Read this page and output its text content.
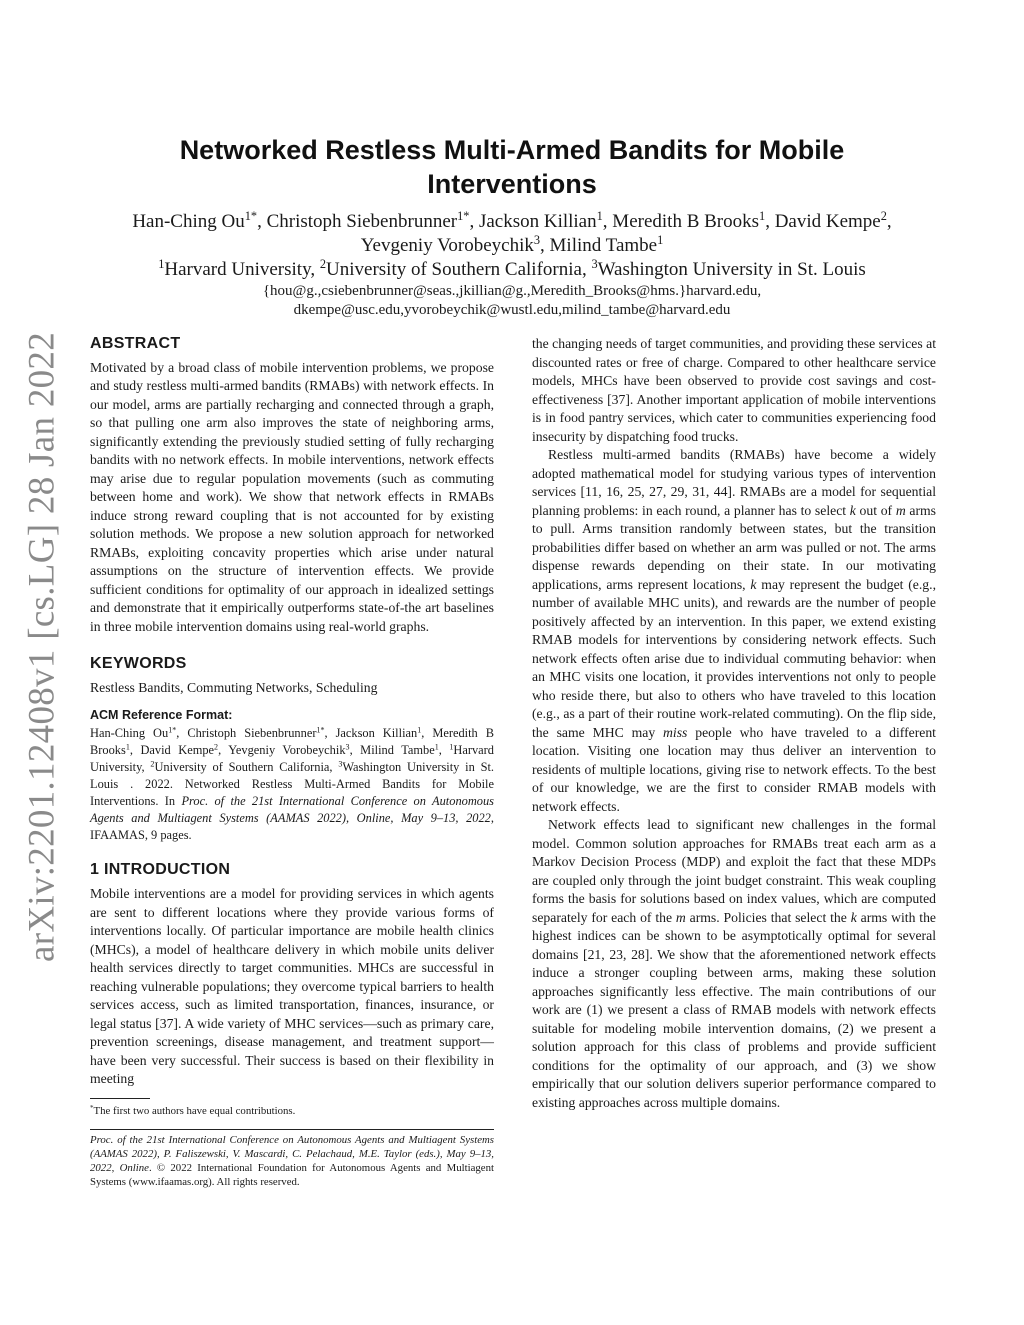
arXiv:2201.12408v1 [cs.LG] 28 Jan 2022
Networked Restless Multi-Armed Bandits for Mobile
Interventions
Han-Ching $Ou^{1*}$, Christoph Siebenbrunner$^{1*}$, Jackson Killian$^1$, Meredith B Brooks$^1$, David Kempe$^2$,
Yevgeniy Vorobeychik$^3$, Milind Tambe$^1$
$^1$Harvard University, $^2$University of Southern California, $^3$Washington University in St. Louis
{hou@g.,csiebenbrunner@seas.,jkillian@g.,Meredith_Brooks@hms.}harvard.edu,
dkempe@usc.edu,yvorobeychik@wustl.edu,milind_tambe@harvard.edu
ABSTRACT

Motivated by a broad class of mobile intervention problems, we propose and study restless multi-armed bandits (RMABs) with network effects. In our model, arms are partially recharging and connected through a graph, so that pulling one arm also improves the state of neighboring arms, significantly extending the previously studied setting of fully recharging bandits with no network effects. In mobile interventions, network effects may arise due to regular population movements (such as commuting between home and work). We show that network effects in RMABs induce strong reward coupling that is not accounted for by existing solution methods. We propose a new solution approach for networked RMABs, exploiting concavity properties which arise under natural assumptions on the structure of intervention effects. We provide sufficient conditions for optimality of our approach in idealized settings and demonstrate that it empirically outperforms state-of-the art baselines in three mobile intervention domains using real-world graphs.

KEYWORDS

Restless Bandits, Commuting Networks, Scheduling

ACM Reference Format:

Han-Ching $Ou^{1*}$, Christoph Siebenbrunner$^{1*}$, Jackson Killian$^1$, Meredith B Brooks$^1$, David Kempe$^2$, Yevgeniy Vorobeychik$^3$, Milind Tambe$^1$, $^1$Harvard University, $^2$University of Southern California, $^3$Washington University in St. Louis . 2022. Networked Restless Multi-Armed Bandits for Mobile Interventions. In Proc. of the 21st International Conference on Autonomous Agents and Multiagent Systems (AAMAS 2022), Online, May 9–13, 2022, IFAAMAS, 9 pages.

1 INTRODUCTION

Mobile interventions are a model for providing services in which agents are sent to different locations where they provide various forms of interventions locally. Of particular importance are mobile health clinics (MHCs), a model of healthcare delivery in which mobile units deliver health services directly to target communities. MHCs are successful in reaching vulnerable populations; they overcome typical barriers to health services access, such as limited transportation, finances, insurance, or legal status [37]. A wide variety of MHC services—such as primary care, prevention screenings, disease management, and treatment support—have been very successful. Their success is based on their flexibility in meeting

*The first two authors have equal contributions.
Proc. of the 21st International Conference on Autonomous Agents and Multiagent Systems (AAMAS 2022), P. Faliszewski, V. Mascardi, C. Pelachaud, M.E. Taylor (eds.), May 9–13, 2022, Online. © 2022 International Foundation for Autonomous Agents and Multiagent Systems (www.ifaamas.org). All rights reserved.

the changing needs of target communities, and providing these services at discounted rates or free of charge. Compared to other healthcare service models, MHCs have been observed to provide cost savings and cost-effectiveness [37]. Another important application of mobile interventions is in food pantry services, which cater to communities experiencing food insecurity by dispatching food trucks.

Restless multi-armed bandits (RMABs) have become a widely adopted mathematical model for studying various types of intervention services [11, 16, 25, 27, 29, 31, 44]. RMABs are a model for sequential planning problems: in each round, a planner has to select k out of m arms to pull. Arms transition randomly between states, but the transition probabilities differ based on whether an arm was pulled or not. The arms dispense rewards depending on their state. In our motivating applications, arms represent locations, k may represent the budget (e.g., number of available MHC units), and rewards are the number of people positively affected by an intervention. In this paper, we extend existing RMAB models for interventions by considering network effects. Such network effects often arise due to individual commuting behavior: when an MHC visits one location, it provides interventions not only to people who reside there, but also to others who have traveled to this location (e.g., as a part of their routine work-related commuting). On the flip side, the same MHC may miss people who have traveled to a different location. Visiting one location may thus deliver an intervention to residents of multiple locations, giving rise to network effects. To the best of our knowledge, we are the first to consider RMAB models with network effects.

Network effects lead to significant new challenges in the formal model. Common solution approaches for RMABs treat each arm as a Markov Decision Process (MDP) and exploit the fact that these MDPs are coupled only through the joint budget constraint. This weak coupling forms the basis for solutions based on index values, which are computed separately for each of the m arms. Policies that select the k arms with the highest indices can be shown to be asymptotically optimal for several domains [21, 23, 28]. We show that the aforementioned network effects induce a stronger coupling between arms, making these solution approaches significantly less effective. The main contributions of our work are (1) we present a class of RMAB models with network effects suitable for modeling mobile intervention domains, (2) we present a solution approach for this class of problems and provide sufficient conditions for the optimality of our approach, and (3) we show empirically that our solution delivers superior performance compared to existing approaches across multiple domains.
